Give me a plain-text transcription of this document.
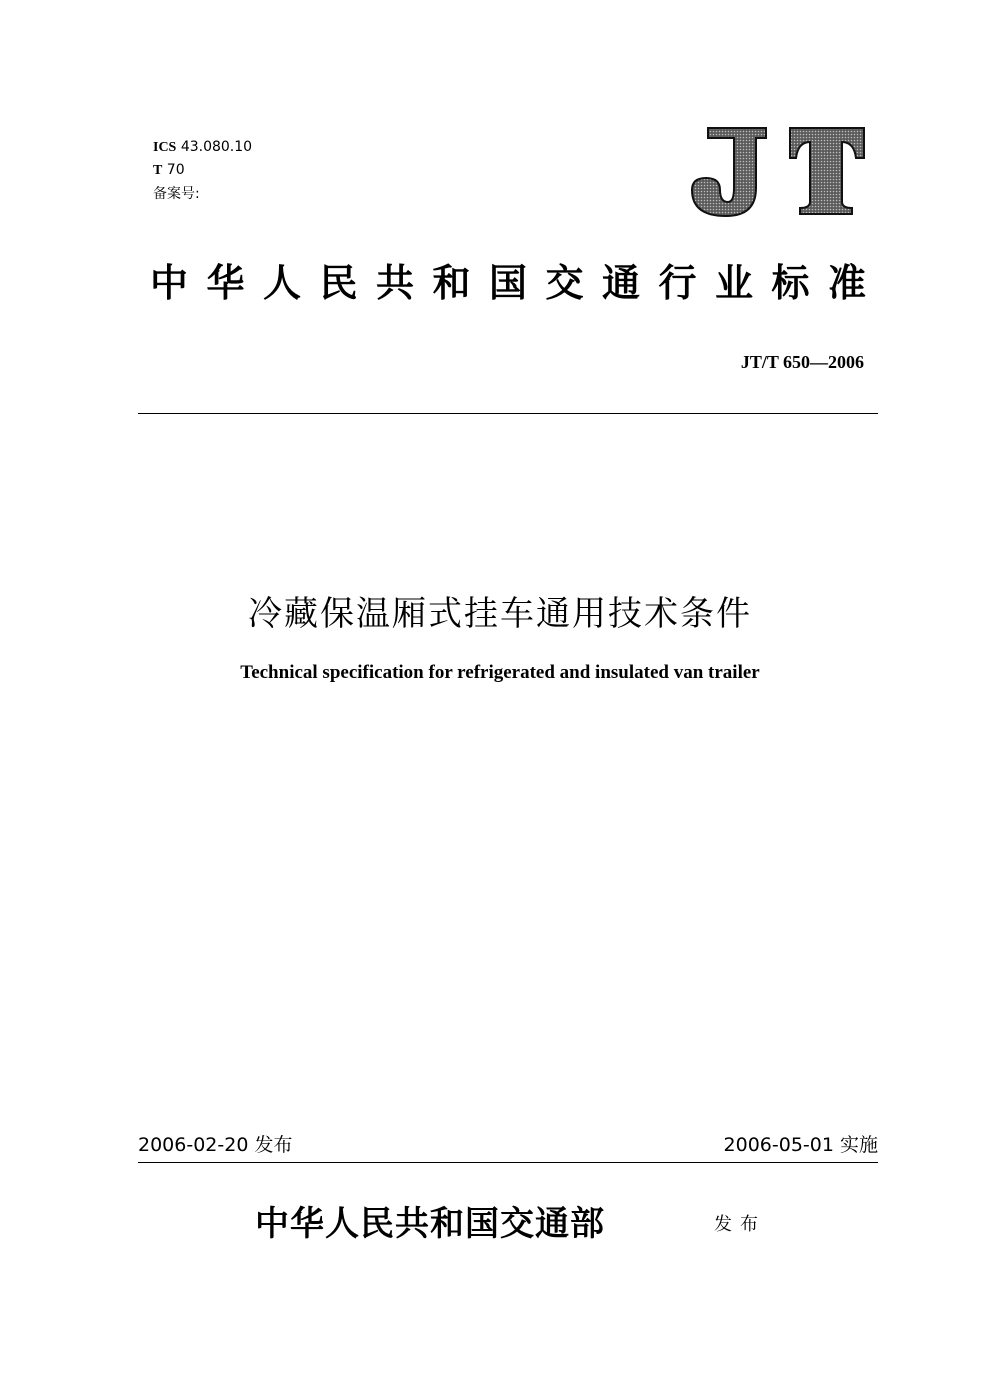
ICS 43.080.10
T 70
备案号:
中华人民共和国交通行业标准
JT/T 650—2006
冷藏保温厢式挂车通用技术条件
Technical specification for refrigerated and insulated van trailer
2006-02-20 发布	2006-05-01 实施
中华人民共和国交通部	发布
